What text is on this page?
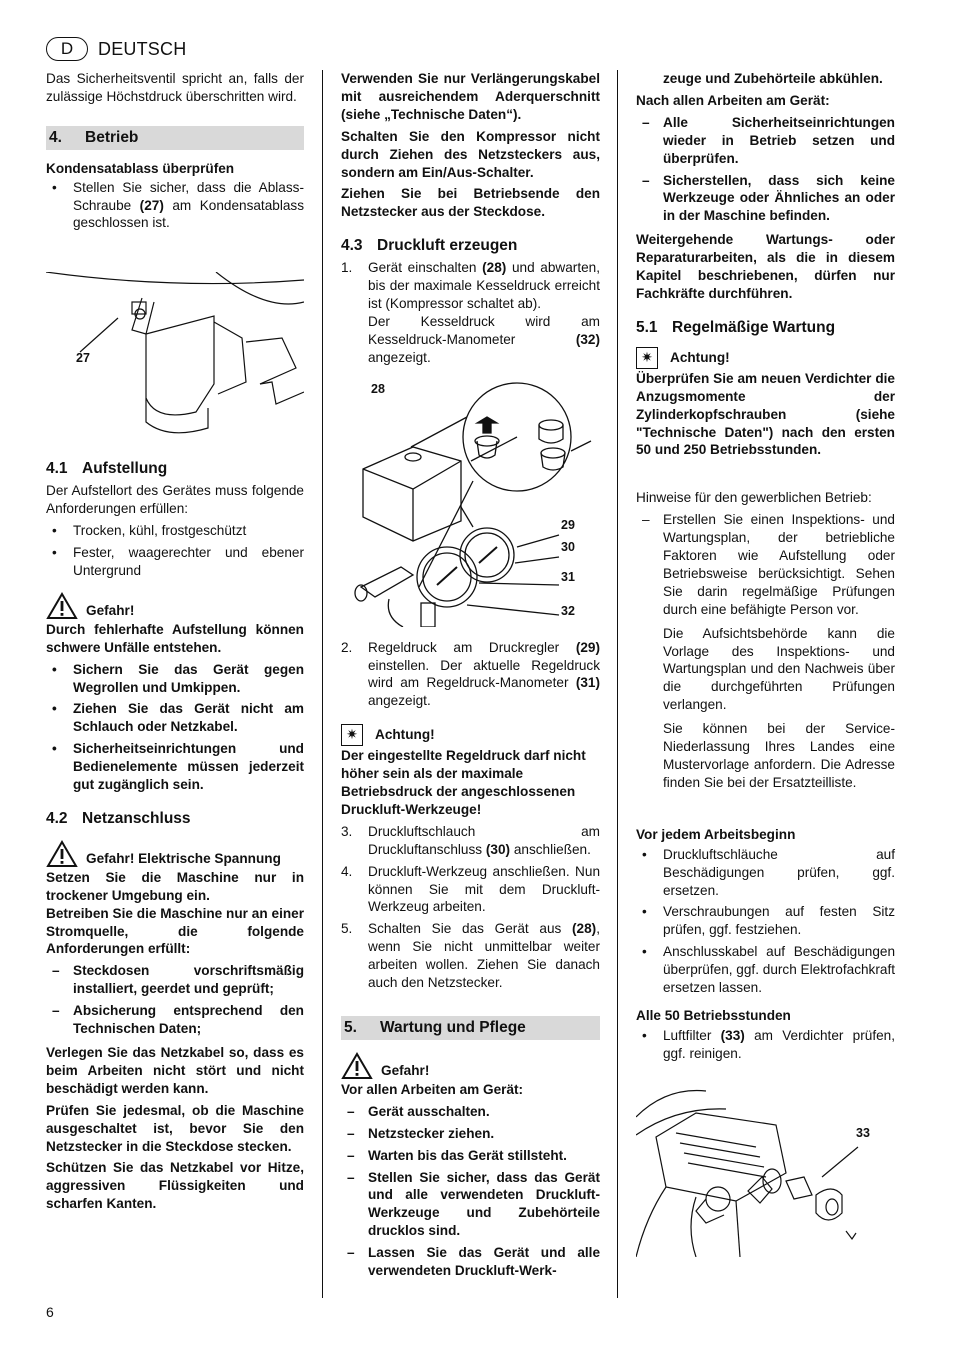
D	DEUTSCH

Das Sicherheitsventil spricht an, falls der zulässige Höchstdruck überschritten wird.

4. Betrieb

Kondensatablass überprüfen

• Stellen Sie sicher, dass die Ablass-Schraube (27) am Kondensatablass geschlossen ist.
27
4.1 Aufstellung

Der Aufstellort des Gerätes muss folgende Anforderungen erfüllen:

• Trocken, kühl, frostgeschützt
• Fester, waagerechter und ebener Untergrund
Gefahr!

Durch fehlerhafte Aufstellung können schwere Unfälle entstehen.

• Sichern Sie das Gerät gegen Wegrollen und Umkippen.
• Ziehen Sie das Gerät nicht am Schlauch oder Netzkabel.
• Sicherheitseinrichtungen und Bedienelemente müssen jederzeit gut zugänglich sein.
4.2 Netzanschluss
Gefahr! Elektrische Spannung

Setzen Sie die Maschine nur in trockener Umgebung ein.

Betreiben Sie die Maschine nur an einer Stromquelle, die folgende Anforderungen erfüllt:

– Steckdosen vorschriftsmäßig installiert, geerdet und geprüft;
– Absicherung entsprechend den Technischen Daten;

Verlegen Sie das Netzkabel so, dass es beim Arbeiten nicht stört und nicht beschädigt werden kann.

Prüfen Sie jedesmal, ob die Maschine ausgeschaltet ist, bevor Sie den Netzstecker in die Steckdose stecken.

Schützen Sie das Netzkabel vor Hitze, aggressiven Flüssigkeiten und scharfen Kanten.

Verwenden Sie nur Verlängerungskabel mit ausreichendem Aderquerschnitt (siehe „Technische Daten“).

Schalten Sie den Kompressor nicht durch Ziehen des Netzsteckers aus, sondern am Ein/Aus-Schalter.

Ziehen Sie bei Betriebsende den Netzstecker aus der Steckdose.

4.3 Druckluft erzeugen
1. Gerät einschalten (28) und abwarten, bis der maximale Kesseldruck erreicht ist (Kompressor schaltet ab).
Der Kesseldruck wird am Kesseldruck-Manometer (32) angezeigt.
28
29
30
31
32
2. Regeldruck am Druckregler (29) einstellen. Der aktuelle Regeldruck wird am Regeldruck-Manometer (31) angezeigt.
✷	Achtung!

Der eingestellte Regeldruck darf nicht höher sein als der maximale Betriebsdruck der angeschlossenen Druckluft-Werkzeuge!

3. Druckluftschlauch am Druckluftanschluss (30) anschließen.
4. Druckluft-Werkzeug anschließen. Nun können Sie mit dem Druckluft-Werkzeug arbeiten.
5. Schalten Sie das Gerät aus (28), wenn Sie nicht unmittelbar weiter arbeiten wollen. Ziehen Sie danach auch den Netzstecker.
5. Wartung und Pflege
Gefahr!

Vor allen Arbeiten am Gerät:

– Gerät ausschalten.
– Netzstecker ziehen.
– Warten bis das Gerät stillsteht.
– Stellen Sie sicher, dass das Gerät und alle verwendeten Druckluft-Werkzeuge und Zubehörteile drucklos sind.
– Lassen Sie das Gerät und alle verwendeten Druckluft-Werk-

zeuge und Zubehörteile abkühlen.

Nach allen Arbeiten am Gerät:

– Alle Sicherheitseinrichtungen wieder in Betrieb setzen und überprüfen.
– Sicherstellen, dass sich keine Werkzeuge oder Ähnliches an oder in der Maschine befinden.

Weitergehende Wartungs- oder Reparaturarbeiten, als die in diesem Kapitel beschriebenen, dürfen nur Fachkräfte durchführen.

5.1 Regelmäßige Wartung
✷	Achtung!

Überprüfen Sie am neuen Verdichter die Anzugsmomente der Zylinderkopfschrauben (siehe "Technische Daten") nach den ersten 50 und 250 Betriebsstunden.

Hinweise für den gewerblichen Betrieb:

– Erstellen Sie einen Inspektions- und Wartungsplan, der betriebliche Faktoren wie Aufstellung oder Betriebsweise berücksichtigt. Sehen Sie darin regelmäßige Prüfungen durch eine befähigte Person vor.

Die Aufsichtsbehörde kann die Vorlage des Inspektions- und Wartungsplan und den Nachweis über die durchgeführten Prüfungen verlangen.

Sie können bei der Service-Niederlassung Ihres Landes eine Mustervorlage anfordern. Die Adresse finden Sie bei der Ersatzteilliste.

Vor jedem Arbeitsbeginn

• Druckluftschläuche auf Beschädigungen prüfen, ggf. ersetzen.
• Verschraubungen auf festen Sitz prüfen, ggf. festziehen.
• Anschlusskabel auf Beschädigungen überprüfen, ggf. durch Elektrofachkraft ersetzen lassen.

Alle 50 Betriebsstunden

• Luftfilter (33) am Verdichter prüfen, ggf. reinigen.
33
6
